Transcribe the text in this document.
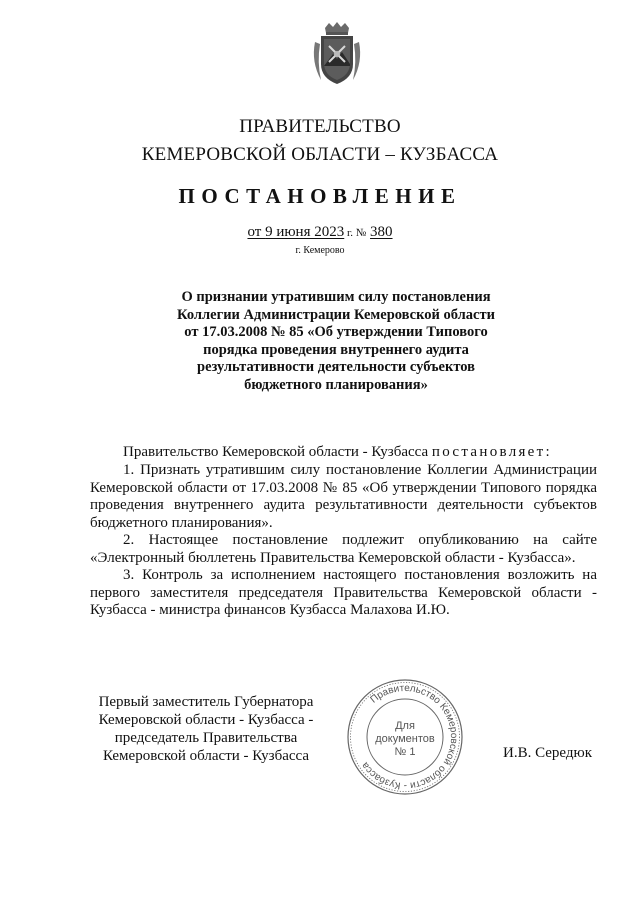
ПРАВИТЕЛЬСТВО
КЕМЕРОВСКОЙ ОБЛАСТИ – КУЗБАССА
ПОСТАНОВЛЕНИЕ
от 9 июня 2023 г. № 380
г. Кемерово
О признании утратившим силу постановления
Коллегии Администрации Кемеровской области
от 17.03.2008 № 85 «Об утверждении Типового
порядка проведения внутреннего аудита
результативности деятельности субъектов
бюджетного планирования»
Правительство Кемеровской области - Кузбасса постановляет:
1. Признать утратившим силу постановление Коллегии Администрации Кемеровской области от 17.03.2008 № 85 «Об утверждении Типового порядка проведения внутреннего аудита результативности деятельности субъектов бюджетного планирования».
2. Настоящее постановление подлежит опубликованию на сайте «Электронный бюллетень Правительства Кемеровской области - Кузбасса».
3. Контроль за исполнением настоящего постановления возложить на первого заместителя председателя Правительства Кемеровской области - Кузбасса - министра финансов Кузбасса Малахова И.Ю.
Первый заместитель Губернатора
Кемеровской области - Кузбасса -
председатель Правительства
Кемеровской области - Кузбасса
Правительство Кемеровской области - Кузбасса
Для
документов
№ 1	И.В. Середюк
